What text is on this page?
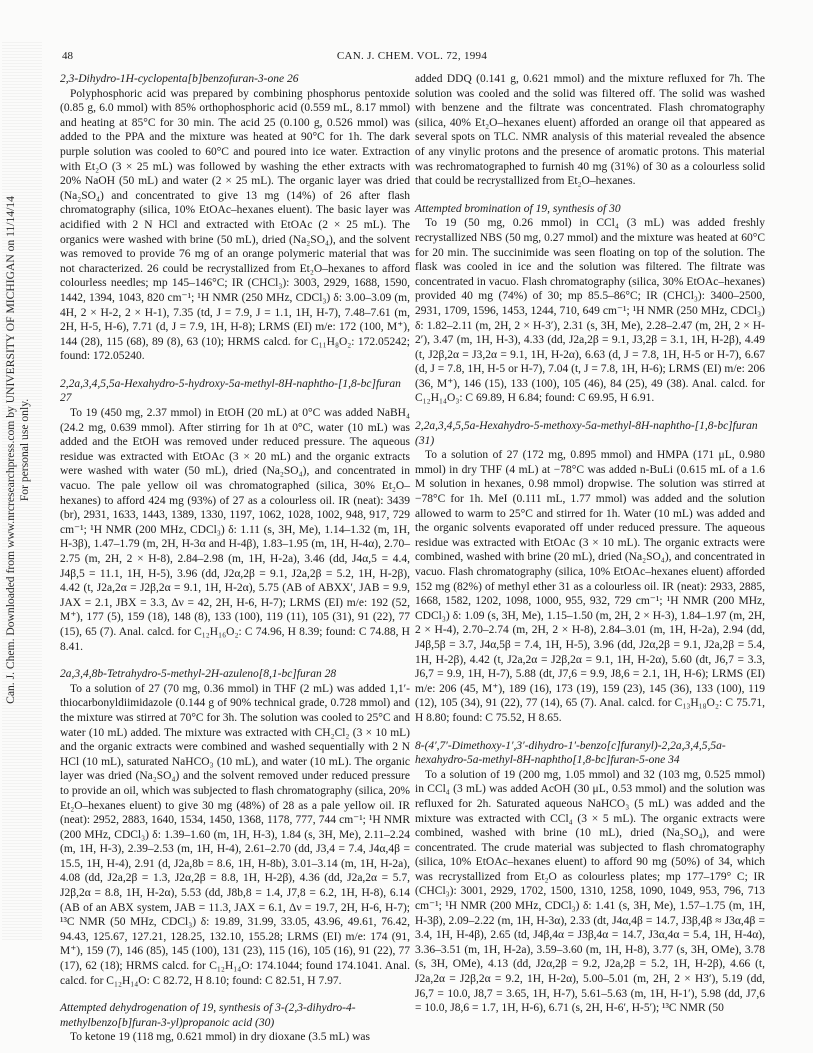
Can. J. Chem. Downloaded from www.nrcresearchpress.com by UNIVERSITY OF MICHIGAN on 11/14/14 For personal use only.
48	CAN. J. CHEM. VOL. 72, 1994
2,3-Dihydro-1H-cyclopenta[b]benzofuran-3-one 26

Polyphosphoric acid was prepared by combining phosphorus pentoxide (0.85 g, 6.0 mmol) with 85% orthophosphoric acid (0.559 mL, 8.17 mmol) and heating at 85°C for 30 min. The acid 25 (0.100 g, 0.526 mmol) was added to the PPA and the mixture was heated at 90°C for 1h. The dark purple solution was cooled to 60°C and poured into ice water. Extraction with Et₂O (3 × 25 mL) was followed by washing the ether extracts with 20% NaOH (50 mL) and water (2 × 25 mL). The organic layer was dried (Na₂SO₄) and concentrated to give 13 mg (14%) of 26 after flash chromatography (silica, 10% EtOAc–hexanes eluent). The basic layer was acidified with 2 N HCl and extracted with EtOAc (2 × 25 mL). The organics were washed with brine (50 mL), dried (Na₂SO₄), and the solvent was removed to provide 76 mg of an orange polymeric material that was not characterized. 26 could be recrystallized from Et₂O–hexanes to afford colourless needles; mp 145–146°C; IR (CHCl₃): 3003, 2929, 1688, 1590, 1442, 1394, 1043, 820 cm⁻¹; ¹H NMR (250 MHz, CDCl₃) δ: 3.00–3.09 (m, 4H, 2 × H-2, 2 × H-1), 7.35 (td, J = 7.9, J = 1.1, 1H, H-7), 7.48–7.61 (m, 2H, H-5, H-6), 7.71 (d, J = 7.9, 1H, H-8); LRMS (EI) m/e: 172 (100, M⁺), 144 (28), 115 (68), 89 (8), 63 (10); HRMS calcd. for C₁₁H₈O₂: 172.05242; found: 172.05240.

2,2a,3,4,5,5a-Hexahydro-5-hydroxy-5a-methyl-8H-naphtho-[1,8-bc]furan 27

To 19 (450 mg, 2.37 mmol) in EtOH (20 mL) at 0°C was added NaBH₄ (24.2 mg, 0.639 mmol). After stirring for 1h at 0°C, water (10 mL) was added and the EtOH was removed under reduced pressure. The aqueous residue was extracted with EtOAc (3 × 20 mL) and the organic extracts were washed with water (50 mL), dried (Na₂SO₄), and concentrated in vacuo. The pale yellow oil was chromatographed (silica, 30% Et₂O–hexanes) to afford 424 mg (93%) of 27 as a colourless oil. IR (neat): 3439 (br), 2931, 1633, 1443, 1389, 1330, 1197, 1062, 1028, 1002, 948, 917, 729 cm⁻¹; ¹H NMR (200 MHz, CDCl₃) δ: 1.11 (s, 3H, Me), 1.14–1.32 (m, 1H, H-3β), 1.47–1.79 (m, 2H, H-3α and H-4β), 1.83–1.95 (m, 1H, H-4α), 2.70–2.75 (m, 2H, 2 × H-8), 2.84–2.98 (m, 1H, H-2a), 3.46 (dd, J4α,5 = 4.4, J4β,5 = 11.1, 1H, H-5), 3.96 (dd, J2α,2β = 9.1, J2a,2β = 5.2, 1H, H-2β), 4.42 (t, J2a,2α = J2β,2α = 9.1, 1H, H-2α), 5.75 (AB of ABXX′, JAB = 9.9, JAX = 2.1, JBX = 3.3, Δν = 42, 2H, H-6, H-7); LRMS (EI) m/e: 192 (52, M⁺), 177 (5), 159 (18), 148 (8), 133 (100), 119 (11), 105 (31), 91 (22), 77 (15), 65 (7). Anal. calcd. for C₁₂H₁₆O₂: C 74.96, H 8.39; found: C 74.88, H 8.41.

2a,3,4,8b-Tetrahydro-5-methyl-2H-azuleno[8,1-bc]furan 28

To a solution of 27 (70 mg, 0.36 mmol) in THF (2 mL) was added 1,1′-thiocarbonyldiimidazole (0.144 g of 90% technical grade, 0.728 mmol) and the mixture was stirred at 70°C for 3h. The solution was cooled to 25°C and water (10 mL) added. The mixture was extracted with CH₂Cl₂ (3 × 10 mL) and the organic extracts were combined and washed sequentially with 2 N HCl (10 mL), saturated NaHCO₃ (10 mL), and water (10 mL). The organic layer was dried (Na₂SO₄) and the solvent removed under reduced pressure to provide an oil, which was subjected to flash chromatography (silica, 20% Et₂O–hexanes eluent) to give 30 mg (48%) of 28 as a pale yellow oil. IR (neat): 2952, 2883, 1640, 1534, 1450, 1368, 1178, 777, 744 cm⁻¹; ¹H NMR (200 MHz, CDCl₃) δ: 1.39–1.60 (m, 1H, H-3), 1.84 (s, 3H, Me), 2.11–2.24 (m, 1H, H-3), 2.39–2.53 (m, 1H, H-4), 2.61–2.70 (dd, J3,4 = 7.4, J4α,4β = 15.5, 1H, H-4), 2.91 (d, J2a,8b = 8.6, 1H, H-8b), 3.01–3.14 (m, 1H, H-2a), 4.08 (dd, J2a,2β = 1.3, J2α,2β = 8.8, 1H, H-2β), 4.36 (dd, J2a,2α = 5.7, J2β,2α = 8.8, 1H, H-2α), 5.53 (dd, J8b,8 = 1.4, J7,8 = 6.2, 1H, H-8), 6.14 (AB of an ABX system, JAB = 11.3, JAX = 6.1, Δν = 19.7, 2H, H-6, H-7); ¹³C NMR (50 MHz, CDCl₃) δ: 19.89, 31.99, 33.05, 43.96, 49.61, 76.42, 94.43, 125.67, 127.21, 128.25, 132.10, 155.28; LRMS (EI) m/e: 174 (91, M⁺), 159 (7), 146 (85), 145 (100), 131 (23), 115 (16), 105 (16), 91 (22), 77 (17), 62 (18); HRMS calcd. for C₁₂H₁₄O: 174.1044; found 174.1041. Anal. calcd. for C₁₂H₁₄O: C 82.72, H 8.10; found: C 82.51, H 7.97.

Attempted dehydrogenation of 19, synthesis of 3-(2,3-dihydro-4-methylbenzo[b]furan-3-yl)propanoic acid (30)

To ketone 19 (118 mg, 0.621 mmol) in dry dioxane (3.5 mL) was

added DDQ (0.141 g, 0.621 mmol) and the mixture refluxed for 7h. The solution was cooled and the solid was filtered off. The solid was washed with benzene and the filtrate was concentrated. Flash chromatography (silica, 40% Et₂O–hexanes eluent) afforded an orange oil that appeared as several spots on TLC. NMR analysis of this material revealed the absence of any vinylic protons and the presence of aromatic protons. This material was rechromatographed to furnish 40 mg (31%) of 30 as a colourless solid that could be recrystallized from Et₂O–hexanes.

Attempted bromination of 19, synthesis of 30

To 19 (50 mg, 0.26 mmol) in CCl₄ (3 mL) was added freshly recrystallized NBS (50 mg, 0.27 mmol) and the mixture was heated at 60°C for 20 min. The succinimide was seen floating on top of the solution. The flask was cooled in ice and the solution was filtered. The filtrate was concentrated in vacuo. Flash chromatography (silica, 30% EtOAc–hexanes) provided 40 mg (74%) of 30; mp 85.5–86°C; IR (CHCl₃): 3400–2500, 2931, 1709, 1596, 1453, 1244, 710, 649 cm⁻¹; ¹H NMR (250 MHz, CDCl₃) δ: 1.82–2.11 (m, 2H, 2 × H-3′), 2.31 (s, 3H, Me), 2.28–2.47 (m, 2H, 2 × H-2′), 3.47 (m, 1H, H-3), 4.33 (dd, J2a,2β = 9.1, J3,2β = 3.1, 1H, H-2β), 4.49 (t, J2β,2α = J3,2α = 9.1, 1H, H-2α), 6.63 (d, J = 7.8, 1H, H-5 or H-7), 6.67 (d, J = 7.8, 1H, H-5 or H-7), 7.04 (t, J = 7.8, 1H, H-6); LRMS (EI) m/e: 206 (36, M⁺), 146 (15), 133 (100), 105 (46), 84 (25), 49 (38). Anal. calcd. for C₁₂H₁₄O₃: C 69.89, H 6.84; found: C 69.95, H 6.91.

2,2a,3,4,5,5a-Hexahydro-5-methoxy-5a-methyl-8H-naphtho-[1,8-bc]furan (31)

To a solution of 27 (172 mg, 0.895 mmol) and HMPA (171 μL, 0.980 mmol) in dry THF (4 mL) at −78°C was added n-BuLi (0.615 mL of a 1.6 M solution in hexanes, 0.98 mmol) dropwise. The solution was stirred at −78°C for 1h. MeI (0.111 mL, 1.77 mmol) was added and the solution allowed to warm to 25°C and stirred for 1h. Water (10 mL) was added and the organic solvents evaporated off under reduced pressure. The aqueous residue was extracted with EtOAc (3 × 10 mL). The organic extracts were combined, washed with brine (20 mL), dried (Na₂SO₄), and concentrated in vacuo. Flash chromatography (silica, 10% EtOAc–hexanes eluent) afforded 152 mg (82%) of methyl ether 31 as a colourless oil. IR (neat): 2933, 2885, 1668, 1582, 1202, 1098, 1000, 955, 932, 729 cm⁻¹; ¹H NMR (200 MHz, CDCl₃) δ: 1.09 (s, 3H, Me), 1.15–1.50 (m, 2H, 2 × H-3), 1.84–1.97 (m, 2H, 2 × H-4), 2.70–2.74 (m, 2H, 2 × H-8), 2.84–3.01 (m, 1H, H-2a), 2.94 (dd, J4β,5β = 3.7, J4α,5β = 7.4, 1H, H-5), 3.96 (dd, J2α,2β = 9.1, J2a,2β = 5.4, 1H, H-2β), 4.42 (t, J2a,2α = J2β,2α = 9.1, 1H, H-2α), 5.60 (dt, J6,7 = 3.3, J6,7 = 9.9, 1H, H-7), 5.88 (dt, J7,6 = 9.9, J8,6 = 2.1, 1H, H-6); LRMS (EI) m/e: 206 (45, M⁺), 189 (16), 173 (19), 159 (23), 145 (36), 133 (100), 119 (12), 105 (34), 91 (22), 77 (14), 65 (7). Anal. calcd. for C₁₃H₁₈O₂: C 75.71, H 8.80; found: C 75.52, H 8.65.

8-(4′,7′-Dimethoxy-1′,3′-dihydro-1′-benzo[c]furanyl)-2,2a,3,4,5,5a-hexahydro-5a-methyl-8H-naphtho[1,8-bc]furan-5-one 34

To a solution of 19 (200 mg, 1.05 mmol) and 32 (103 mg, 0.525 mmol) in CCl₄ (3 mL) was added AcOH (30 μL, 0.53 mmol) and the solution was refluxed for 2h. Saturated aqueous NaHCO₃ (5 mL) was added and the mixture was extracted with CCl₄ (3 × 5 mL). The organic extracts were combined, washed with brine (10 mL), dried (Na₂SO₄), and were concentrated. The crude material was subjected to flash chromatography (silica, 10% EtOAc–hexanes eluent) to afford 90 mg (50%) of 34, which was recrystallized from Et₂O as colourless plates; mp 177–179° C; IR (CHCl₃): 3001, 2929, 1702, 1500, 1310, 1258, 1090, 1049, 953, 796, 713 cm⁻¹; ¹H NMR (200 MHz, CDCl₃) δ: 1.41 (s, 3H, Me), 1.57–1.75 (m, 1H, H-3β), 2.09–2.22 (m, 1H, H-3α), 2.33 (dt, J4α,4β = 14.7, J3β,4β ≈ J3α,4β = 3.4, 1H, H-4β), 2.65 (td, J4β,4α = J3β,4α = 14.7, J3α,4α = 5.4, 1H, H-4α), 3.36–3.51 (m, 1H, H-2a), 3.59–3.60 (m, 1H, H-8), 3.77 (s, 3H, OMe), 3.78 (s, 3H, OMe), 4.13 (dd, J2α,2β = 9.2, J2a,2β = 5.2, 1H, H-2β), 4.66 (t, J2a,2α = J2β,2α = 9.2, 1H, H-2α), 5.00–5.01 (m, 2H, 2 × H3′), 5.19 (dd, J6,7 = 10.0, J8,7 = 3.65, 1H, H-7), 5.61–5.63 (m, 1H, H-1′), 5.98 (dd, J7,6 = 10.0, J8,6 = 1.7, 1H, H-6), 6.71 (s, 2H, H-6′, H-5′); ¹³C NMR (50
